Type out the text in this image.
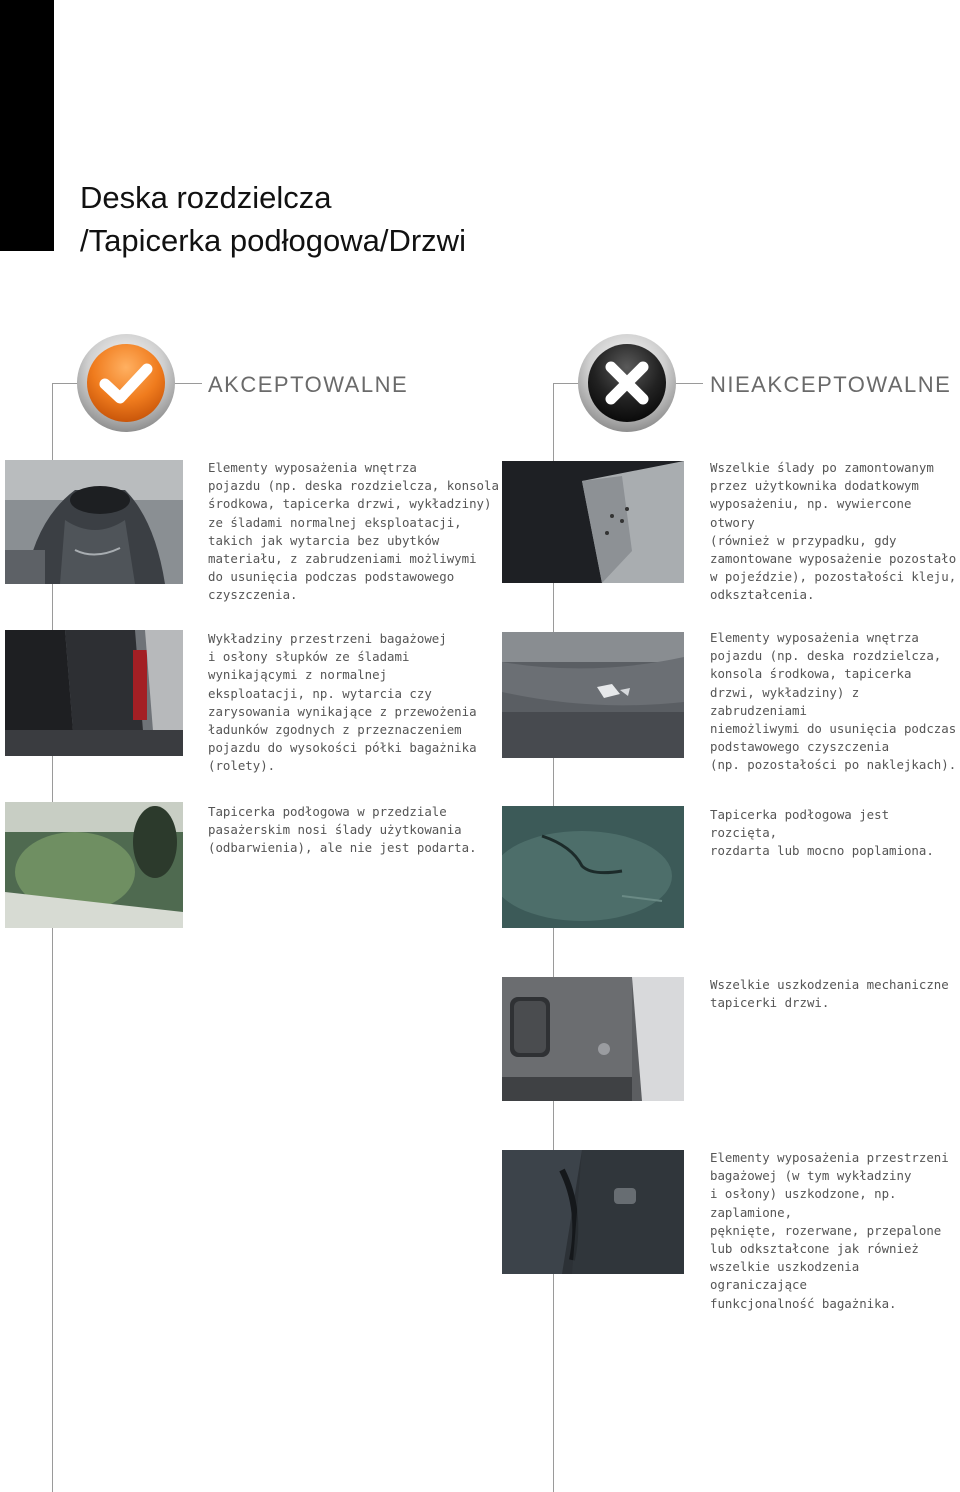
Deska rozdzielcza
/Tapicerka podłogowa/Drzwi
AKCEPTOWALNE	NIEAKCEPTOWALNE

Elementy wyposażenia wnętrza
pojazdu (np. deska rozdzielcza, konsola
środkowa, tapicerka drzwi, wykładziny)
ze śladami normalnej eksploatacji,
takich jak wytarcia bez ubytków
materiału, z zabrudzeniami możliwymi
do usunięcia podczas podstawowego
czyszczenia.

Wykładziny przestrzeni bagażowej
i osłony słupków ze śladami
wynikającymi z normalnej
eksploatacji, np. wytarcia czy
zarysowania wynikające z przewożenia
ładunków zgodnych z przeznaczeniem
pojazdu do wysokości półki bagażnika
(rolety).

Tapicerka podłogowa w przedziale
pasażerskim nosi ślady użytkowania
(odbarwienia), ale nie jest podarta.

Wszelkie ślady po zamontowanym
przez użytkownika dodatkowym
wyposażeniu, np. wywiercone otwory
(również w przypadku, gdy
zamontowane wyposażenie pozostało
w pojeździe), pozostałości kleju,
odkształcenia.

Elementy wyposażenia wnętrza
pojazdu (np. deska rozdzielcza,
konsola środkowa, tapicerka
drzwi, wykładziny) z zabrudzeniami
niemożliwymi do usunięcia podczas
podstawowego czyszczenia
(np. pozostałości po naklejkach).

Tapicerka podłogowa jest rozcięta,
rozdarta lub mocno poplamiona.

Wszelkie uszkodzenia mechaniczne
tapicerki drzwi.

Elementy wyposażenia przestrzeni
bagażowej (w tym wykładziny
i osłony) uszkodzone, np. zaplamione,
pęknięte, rozerwane, przepalone
lub odkształcone jak również
wszelkie uszkodzenia ograniczające
funkcjonalność bagażnika.
